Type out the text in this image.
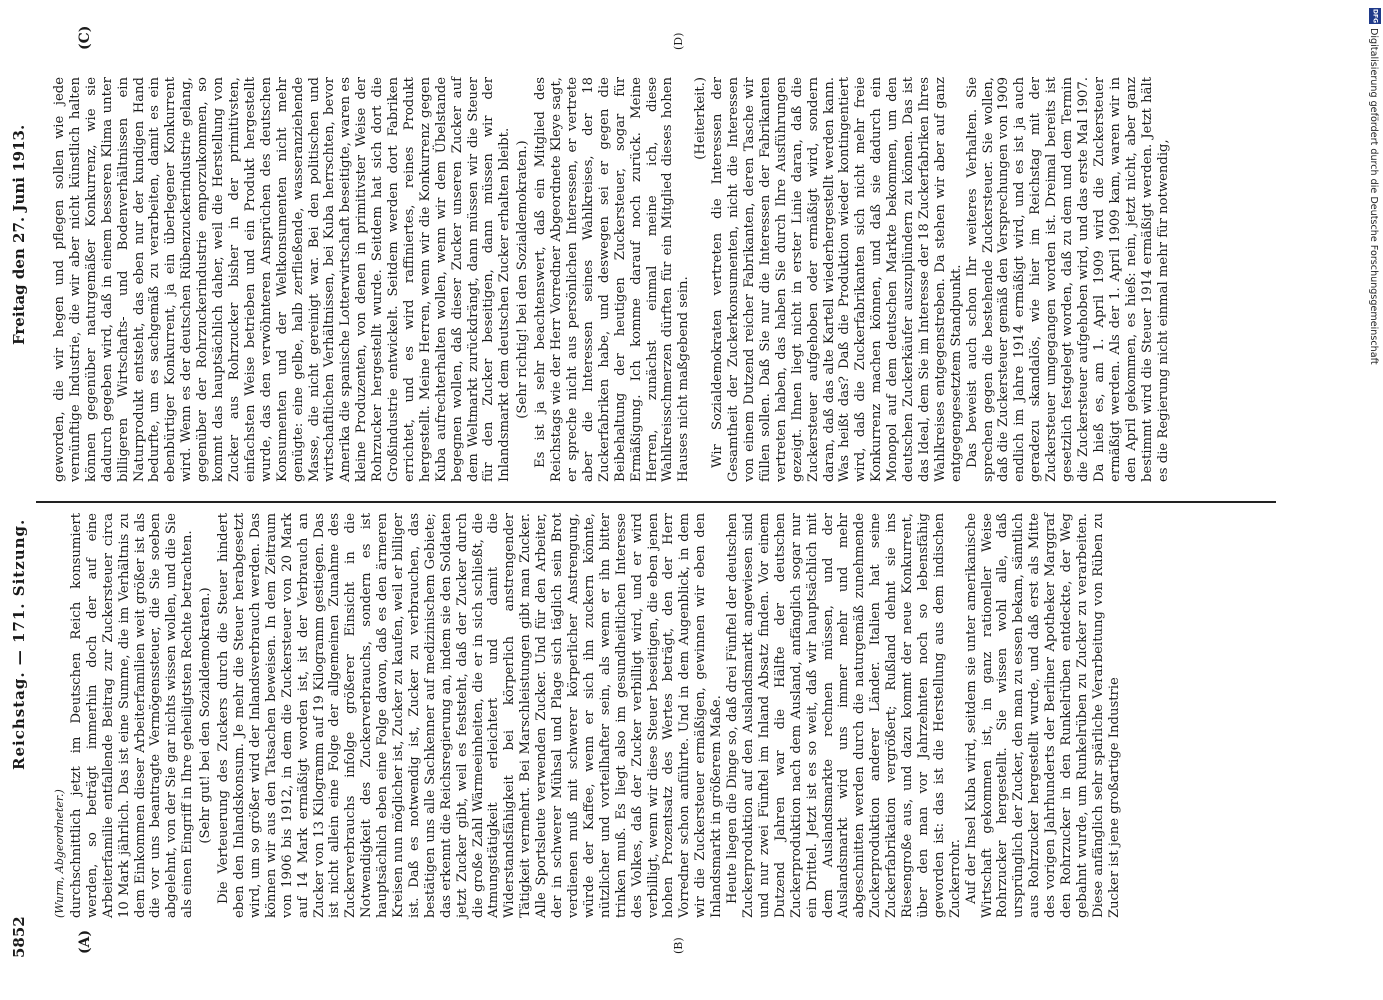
5852
Reichstag. — 171. Sitzung.
Freitag den 27. Juni 1913.
(A)	(B)
(C)	(D)

(Wurm, Abgeordneter.) durchschnittlich jetzt im Deutschen Reich konsumiert werden, so beträgt immerhin doch der auf eine Arbeiterfamilie entfallende Beitrag zur Zuckersteuer circa 10 Mark jährlich. Das ist eine Summe, die im Verhältnis zu dem Einkommen dieser Arbeiterfamilien weit größer ist als die vor uns beantragte Vermögenssteuer, die Sie soeben abgelehnt, von der Sie gar nichts wissen wollen, und die Sie als einen Eingriff in Ihre geheiligtsten Rechte betrachten. (Sehr gut! bei den Sozialdemokraten.) Die Verteuerung des Zuckers durch die Steuer hindert eben den Inlandskonsum. Je mehr die Steuer herabgesetzt wird, um so größer wird der Inlandsverbrauch werden. Das können wir aus den Tatsachen beweisen. In dem Zeitraum von 1906 bis 1912, in dem die Zuckersteuer von 20 Mark auf 14 Mark ermäßigt worden ist, ist der Verbrauch an Zucker von 13 Kilogramm auf 19 Kilogramm gestiegen. Das ist nicht allein eine Folge der allgemeinen Zunahme des Zuckerverbrauchs infolge größerer Einsicht in die Notwendigkeit des Zuckerverbrauchs, sondern es ist hauptsächlich eben eine Folge davon, daß es den ärmeren Kreisen nun möglicher ist, Zucker zu kaufen, weil er billiger ist. Daß es notwendig ist, Zucker zu verbrauchen, das bestätigen uns alle Sachkenner auf medizinischem Gebiete; das erkennt die Reichsregierung an, indem sie den Soldaten jetzt Zucker gibt, weil es feststeht, daß der Zucker durch die große Zahl Wärmeeinheiten, die er in sich schließt, die Atmungstätigkeit erleichtert und damit die Widerstandsfähigkeit bei körperlich anstrengender Tätigkeit vermehrt. Bei Marschleistungen gibt man Zucker. Alle Sportsleute verwenden Zucker. Und für den Arbeiter, der in schwerer Mühsal und Plage sich täglich sein Brot verdienen muß mit schwerer körperlicher Anstrengung, würde der Kaffee, wenn er sich ihn zuckern könnte, nützlicher und vorteilhafter sein, als wenn er ihn bitter trinken muß. Es liegt also im gesundheitlichen Interesse des Volkes, daß der Zucker verbilligt wird, und er wird verbilligt, wenn wir diese Steuer beseitigen, die eben jenen hohen Prozentsatz des Wertes beträgt, den der Herr Vorredner schon anführte. Und in dem Augenblick, in dem wir die Zuckersteuer ermäßigen, gewinnen wir eben den Inlandsmarkt in größerem Maße. Heute liegen die Dinge so, daß drei Fünftel der deutschen Zuckerproduktion auf den Auslandsmarkt angewiesen sind und nur zwei Fünftel im Inland Absatz finden. Vor einem Dutzend Jahren war die Hälfte der deutschen Zuckerproduktion nach dem Ausland, anfänglich sogar nur ein Drittel. Jetzt ist es so weit, daß wir hauptsächlich mit dem Auslandsmarkte rechnen müssen, und der Auslandsmarkt wird uns immer mehr und mehr abgeschnitten werden durch die naturgemäß zunehmende Zuckerproduktion anderer Länder. Italien hat seine Zuckerfabrikation vergrößert; Rußland dehnt sie ins Riesengroße aus, und dazu kommt der neue Konkurrent, über den man vor Jahrzehnten noch so lebensfähig geworden ist: das ist die Herstellung aus dem indischen Zuckerrohr. Auf der Insel Kuba wird, seitdem sie unter amerikanische Wirtschaft gekommen ist, in ganz rationeller Weise Rohrzucker hergestellt. Sie wissen wohl alle, daß ursprünglich der Zucker, den man zu essen bekam, sämtlich aus Rohrzucker hergestellt wurde, und daß erst als Mitte des vorigen Jahrhunderts der Berliner Apotheker Marggraf den Rohrzucker in den Runkelrüben entdeckte, der Weg gebahnt wurde, um Runkelrüben zu Zucker zu verarbeiten. Diese anfänglich sehr spärliche Verarbeitung von Rüben zu Zucker ist jene großartige Industrie

geworden, die wir hegen und pflegen sollen wie jede vernünftige Industrie, die wir aber nicht künstlich halten können gegenüber naturgemäßer Konkurrenz, wie sie dadurch gegeben wird, daß in einem besseren Klima unter billigeren Wirtschafts- und Bodenverhältnissen ein Naturprodukt entsteht, das eben nur der kundigen Hand bedurfte, um es sachgemäß zu verarbeiten, damit es ein ebenbürtiger Konkurrent, ja ein überlegener Konkurrent wird. Wenn es der deutschen Rübenzuckerindustrie gelang, gegenüber der Rohrzuckerindustrie emporzukommen, so kommt das hauptsächlich daher, weil die Herstellung von Zucker aus Rohrzucker bisher in der primitivsten, einfachsten Weise betrieben und ein Produkt hergestellt wurde, das den verwöhnteren Ansprüchen des deutschen Konsumenten und der Weltkonsumenten nicht mehr genügte: eine gelbe, halb zerfließende, wasseranziehende Masse, die nicht gereinigt war. Bei den politischen und wirtschaftlichen Verhältnissen, bei Kuba herrschten, bevor Amerika die spanische Lotterwirtschaft beseitigte, waren es kleine Produzenten, von denen in primitivster Weise der Rohrzucker hergestellt wurde. Seitdem hat sich dort die Großindustrie entwickelt. Seitdem werden dort Fabriken errichtet, und es wird raffiniertes, reines Produkt hergestellt. Meine Herren, wenn wir die Konkurrenz gegen Kuba aufrechterhalten wollen, wenn wir dem Übelstande begegnen wollen, daß dieser Zucker unseren Zucker auf dem Weltmarkt zurückdrängt, dann müssen wir die Steuer für den Zucker beseitigen, dann müssen wir der Inlandsmarkt dem deutschen Zucker erhalten bleibt. (Sehr richtig! bei den Sozialdemokraten.) Es ist ja sehr beachtenswert, daß ein Mitglied des Reichstags wie der Herr Vorredner Abgeordnete Kleye sagt, er spreche nicht aus persönlichen Interessen, er vertrete aber die Interessen seines Wahlkreises, der 18 Zuckerfabriken habe, und deswegen sei er gegen die Beibehaltung der heutigen Zuckersteuer, sogar für Ermäßigung. Ich komme darauf noch zurück. Meine Herren, zunächst einmal meine ich, diese Wahlkreisschmerzen dürften für ein Mitglied dieses hohen Hauses nicht maßgebend sein.

(Heiterkeit.) Wir Sozialdemokraten vertreten die Interessen der Gesamtheit der Zuckerkonsumenten, nicht die Interessen von einem Dutzend reicher Fabrikanten, deren Tasche wir füllen sollen. Daß Sie nur die Interessen der Fabrikanten vertreten haben, das haben Sie durch Ihre Ausführungen gezeigt. Ihnen liegt nicht in erster Linie daran, daß die Zuckersteuer aufgehoben oder ermäßigt wird, sondern daran, daß das alte Kartell wiederhergestellt werden kann. Was heißt das? Daß die Produktion wieder kontingentiert wird, daß die Zuckerfabrikanten sich nicht mehr freie Konkurrenz machen können, und daß sie dadurch ein Monopol auf dem deutschen Markte bekommen, um den deutschen Zuckerkäufer auszuplündern zu können. Das ist das Ideal, dem Sie im Interesse der 18 Zuckerfabriken Ihres Wahlkreises entgegenstreben. Da stehen wir aber auf ganz entgegengesetztem Standpunkt. Das beweist auch schon Ihr weiteres Verhalten. Sie sprechen gegen die bestehende Zuckersteuer. Sie wollen, daß die Zuckersteuer gemäß den Versprechungen von 1909 endlich im Jahre 1914 ermäßigt wird, und es ist ja auch geradezu skandalös, wie hier im Reichstag mit der Zuckersteuer umgegangen worden ist. Dreimal bereits ist gesetzlich festgelegt worden, daß zu dem und dem Termin die Zuckersteuer aufgehoben wird, und das erste Mal 1907. Da hieß es, am 1. April 1909 wird die Zuckersteuer ermäßigt werden. Als der 1. April 1909 kam, waren wir in den April gekommen, es hieß: nein, jetzt nicht, aber ganz bestimmt wird die Steuer 1914 ermäßigt werden. Jetzt hält es die Regierung nicht einmal mehr für notwendig,

DFG
Digitalisierung gefördert durch die Deutsche Forschungsgemeinschaft
